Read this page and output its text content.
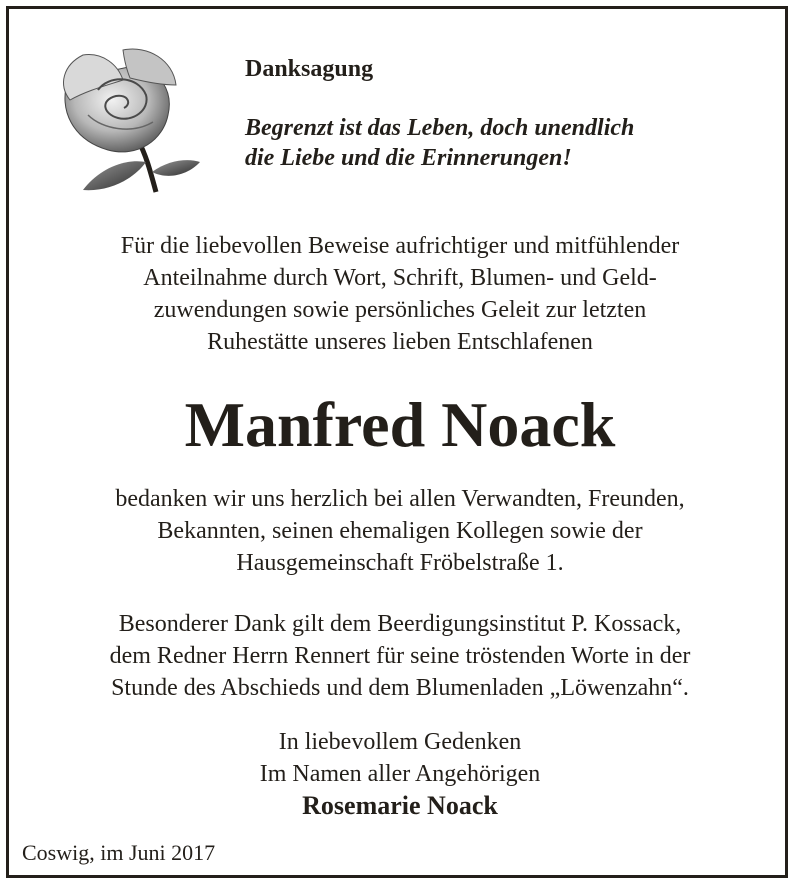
Danksagung
Begrenzt ist das Leben, doch unendlich
die Liebe und die Erinnerungen!
Für die liebevollen Beweise aufrichtiger und mitfühlender
Anteilnahme durch Wort, Schrift, Blumen- und Geld-
zuwendungen sowie persönliches Geleit zur letzten
Ruhestätte unseres lieben Entschlafenen
Manfred Noack
bedanken wir uns herzlich bei allen Verwandten, Freunden,
Bekannten, seinen ehemaligen Kollegen sowie der
Hausgemeinschaft Fröbelstraße 1.
Besonderer Dank gilt dem Beerdigungsinstitut P. Kossack,
dem Redner Herrn Rennert für seine tröstenden Worte in der
Stunde des Abschieds und dem Blumenladen „Löwenzahn“.
In liebevollem Gedenken
Im Namen aller Angehörigen
Rosemarie Noack
Coswig, im Juni 2017
